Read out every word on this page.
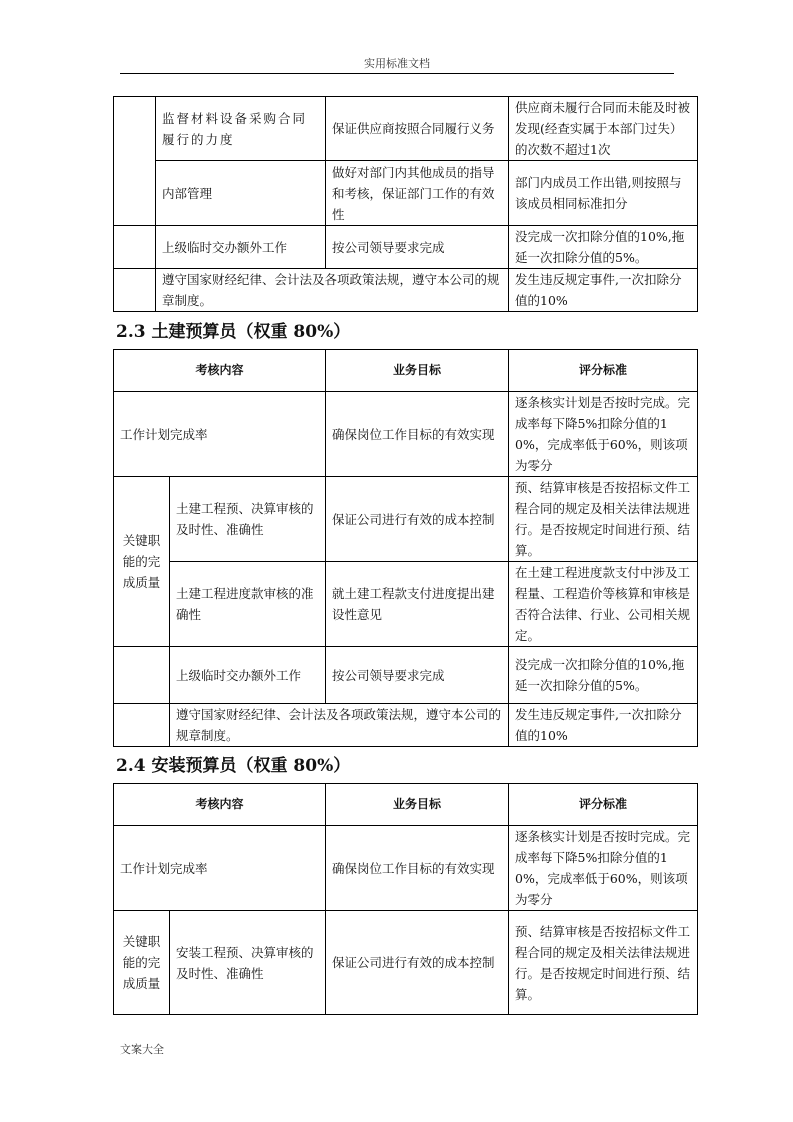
实用标准文档
	监督材料设备采购合同履行的力度	保证供应商按照合同履行义务	供应商未履行合同而未能及时被发现(经查实属于本部门过失）的次数不超过1次
	内部管理	做好对部门内其他成员的指导和考核，保证部门工作的有效性	部门内成员工作出错,则按照与该成员相同标准扣分
	上级临时交办额外工作	按公司领导要求完成	没完成一次扣除分值的10%,拖延一次扣除分值的5%。
	遵守国家财经纪律、会计法及各项政策法规，遵守本公司的规章制度。		发生违反规定事件,一次扣除分值的10%
2.3 土建预算员（权重 80%）
考核内容		业务目标	评分标准
工作计划完成率		确保岗位工作目标的有效实现	逐条核实计划是否按时完成。完成率每下降5%扣除分值的10%，完成率低于60%，则该项为零分
关键职能的完成质量	土建工程预、决算审核的及时性、准确性	保证公司进行有效的成本控制	预、结算审核是否按招标文件工程合同的规定及相关法律法规进行。是否按规定时间进行预、结算。
	土建工程进度款审核的准确性	就土建工程款支付进度提出建设性意见	在土建工程进度款支付中涉及工程量、工程造价等核算和审核是否符合法律、行业、公司相关规定。
	上级临时交办额外工作	按公司领导要求完成	没完成一次扣除分值的10%,拖延一次扣除分值的5%。
	遵守国家财经纪律、会计法及各项政策法规，遵守本公司的规章制度。		发生违反规定事件,一次扣除分值的10%
2.4 安装预算员（权重 80%）
考核内容		业务目标	评分标准
工作计划完成率		确保岗位工作目标的有效实现	逐条核实计划是否按时完成。完成率每下降5%扣除分值的10%，完成率低于60%，则该项为零分
关键职能的完成质量	安装工程预、决算审核的及时性、准确性	保证公司进行有效的成本控制	预、结算审核是否按招标文件工程合同的规定及相关法律法规进行。是否按规定时间进行预、结算。
文案大全
